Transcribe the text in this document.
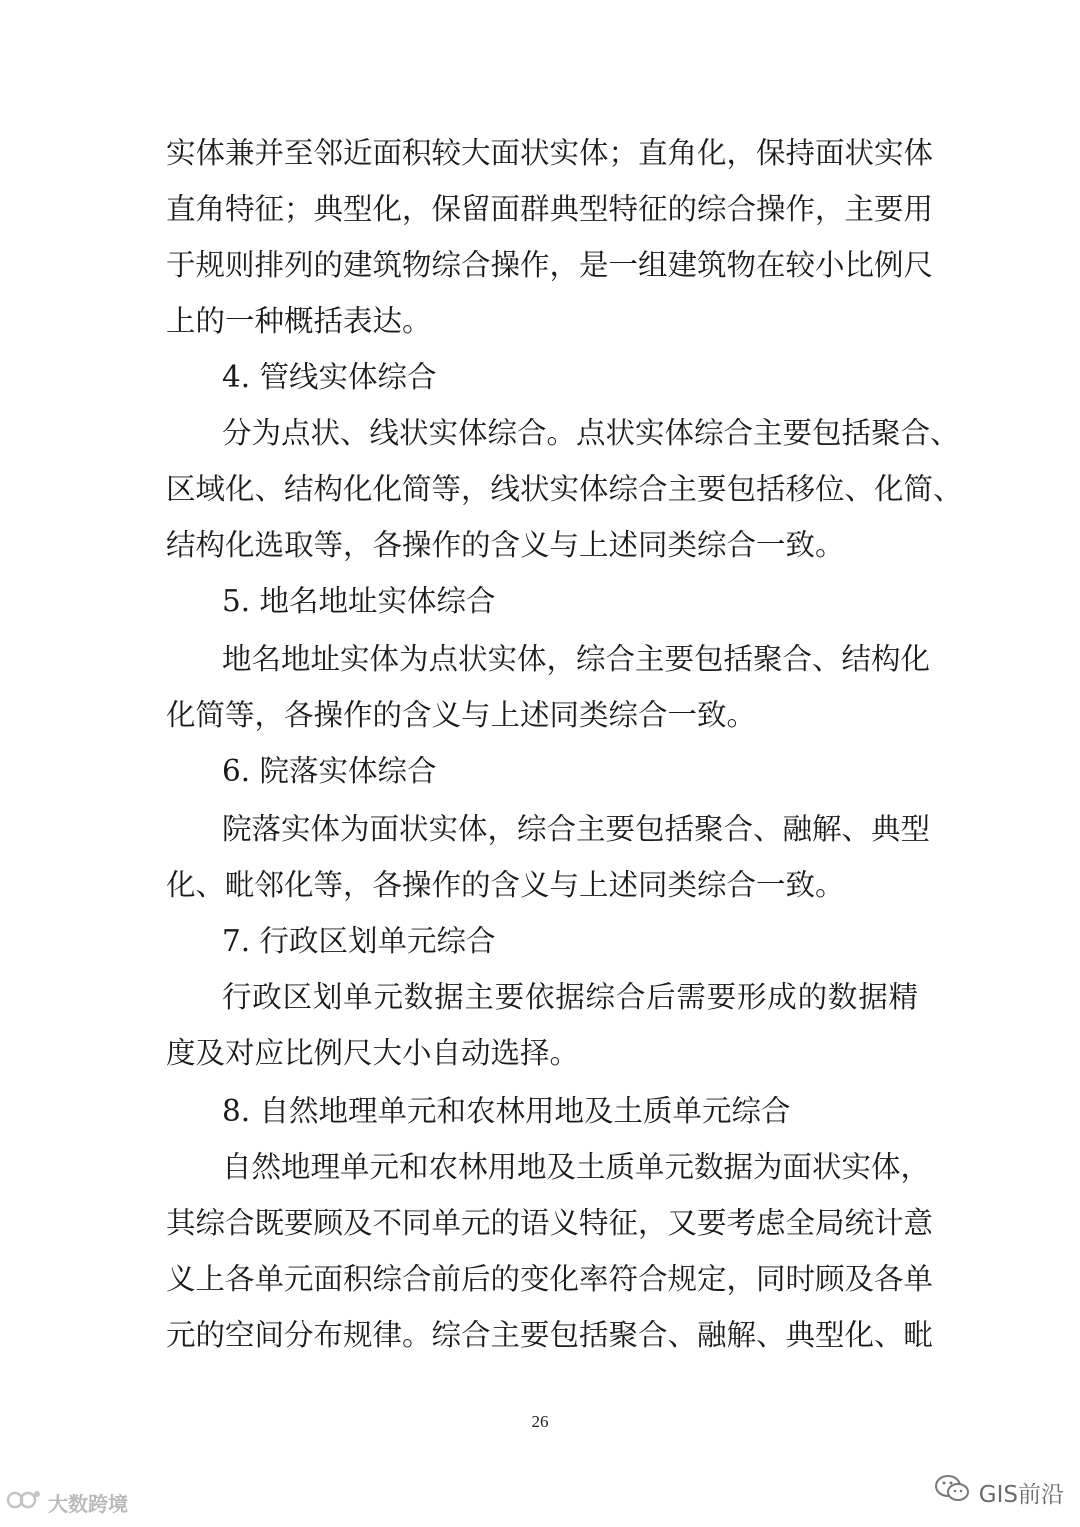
实体兼并至邻近面积较大面状实体；直角化，保持面状实体
直角特征；典型化，保留面群典型特征的综合操作，主要用
于规则排列的建筑物综合操作，是一组建筑物在较小比例尺
上的一种概括表达。
4. 管线实体综合
分为点状、线状实体综合。点状实体综合主要包括聚合、
区域化、结构化化简等，线状实体综合主要包括移位、化简、
结构化选取等，各操作的含义与上述同类综合一致。
5. 地名地址实体综合
地名地址实体为点状实体，综合主要包括聚合、结构化
化简等，各操作的含义与上述同类综合一致。
6. 院落实体综合
院落实体为面状实体，综合主要包括聚合、融解、典型
化、毗邻化等，各操作的含义与上述同类综合一致。
7. 行政区划单元综合
行政区划单元数据主要依据综合后需要形成的数据精
度及对应比例尺大小自动选择。
8. 自然地理单元和农林用地及土质单元综合
自然地理单元和农林用地及土质单元数据为面状实体，
其综合既要顾及不同单元的语义特征，又要考虑全局统计意
义上各单元面积综合前后的变化率符合规定，同时顾及各单
元的空间分布规律。综合主要包括聚合、融解、典型化、毗
26
大数跨境	GIS前沿
